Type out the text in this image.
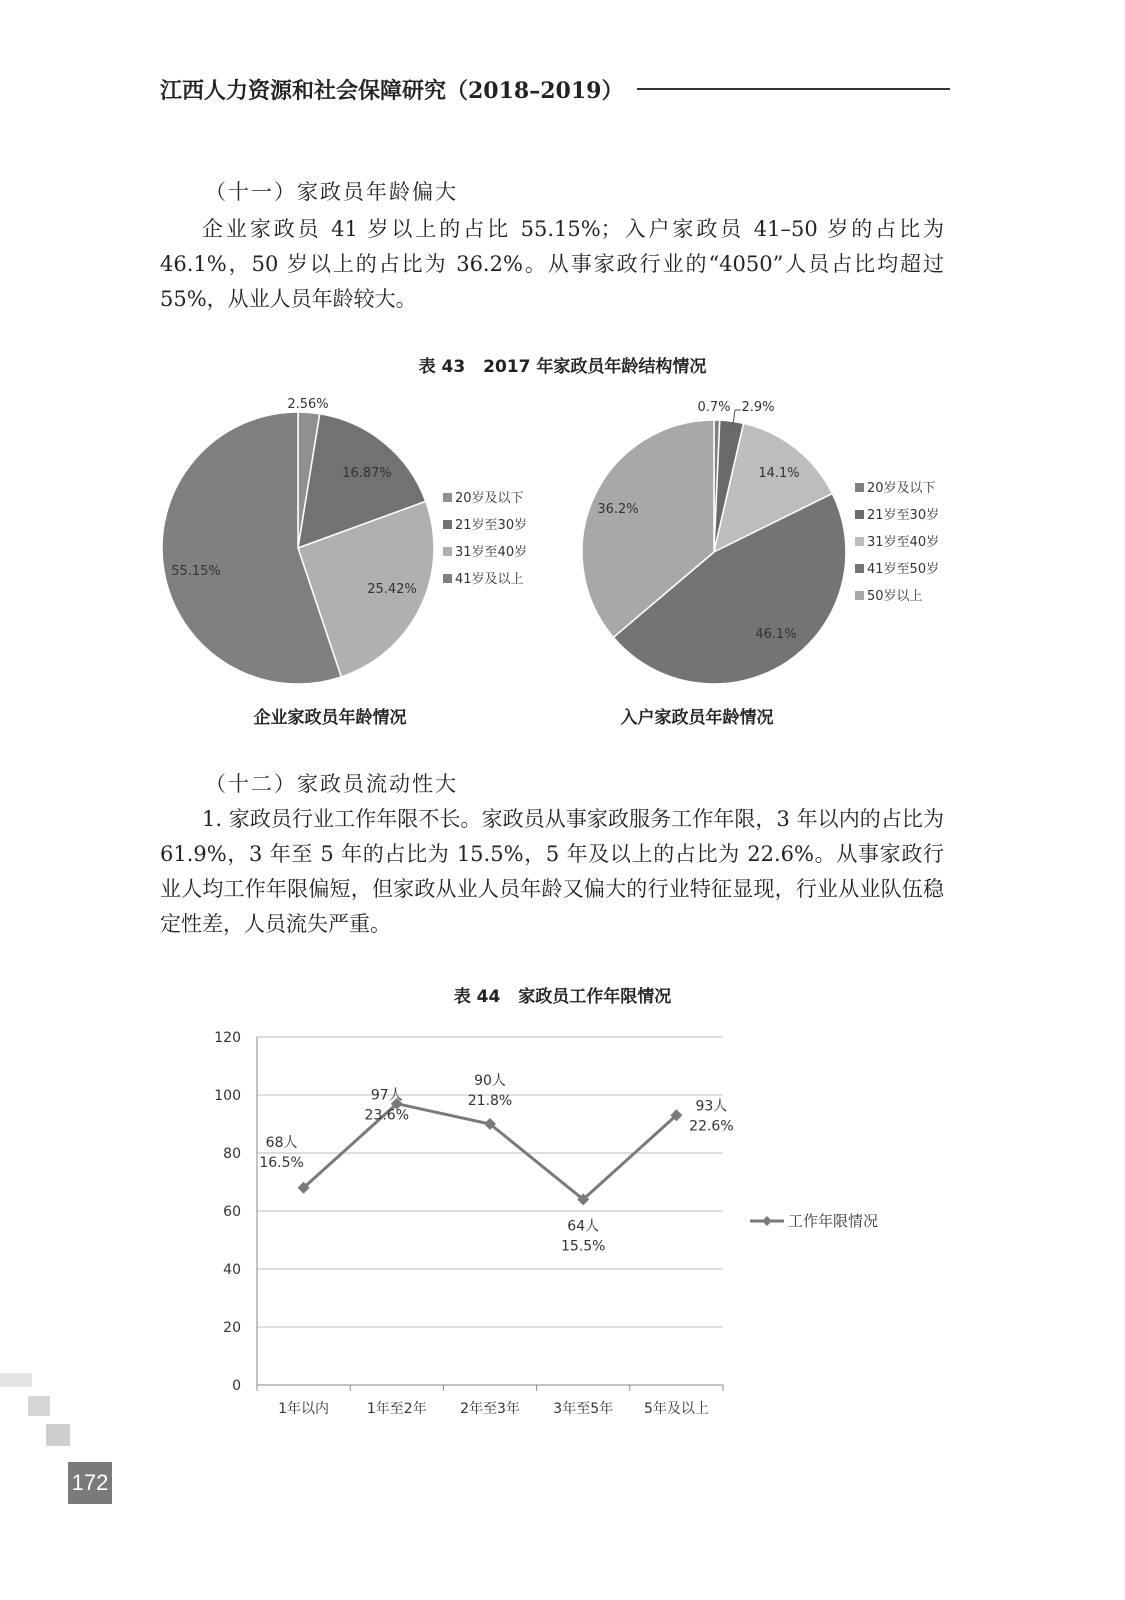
江西人力资源和社会保障研究（2018–2019）
（十一）家政员年龄偏大

企业家政员 41 岁以上的占比 55.15%；入户家政员 41–50 岁的占比为 46.1%，50 岁以上的占比为 36.2%。从事家政行业的“4050”人员占比均超过 55%，从业人员年龄较大。

表 43 2017 年家政员年龄结构情况
2.56%
16.87%
25.42%
55.15%
20岁及以下
21岁至30岁
31岁至40岁
41岁及以上
企业家政员年龄情况
0.7% 2.9%
14.1%
46.1%
36.2%
20岁及以下
21岁至30岁
31岁至40岁
41岁至50岁
50岁以上
入户家政员年龄情况
（十二）家政员流动性大

1. 家政员行业工作年限不长。家政员从事家政服务工作年限，3 年以内的占比为 61.9%，3 年至 5 年的占比为 15.5%，5 年及以上的占比为 22.6%。从事家政行业人均工作年限偏短，但家政从业人员年龄又偏大的行业特征显现，行业从业队伍稳定性差，人员流失严重。

表 44 家政员工作年限情况
0
20
40
60
80
100
120
1年以内	1年至2年 2年至3年 3年至5年 5年及以上
68人
16.5%
97人
23.6%
90人
21.8%
64人
15.5%
93人
22.6%
工作年限情况
172
